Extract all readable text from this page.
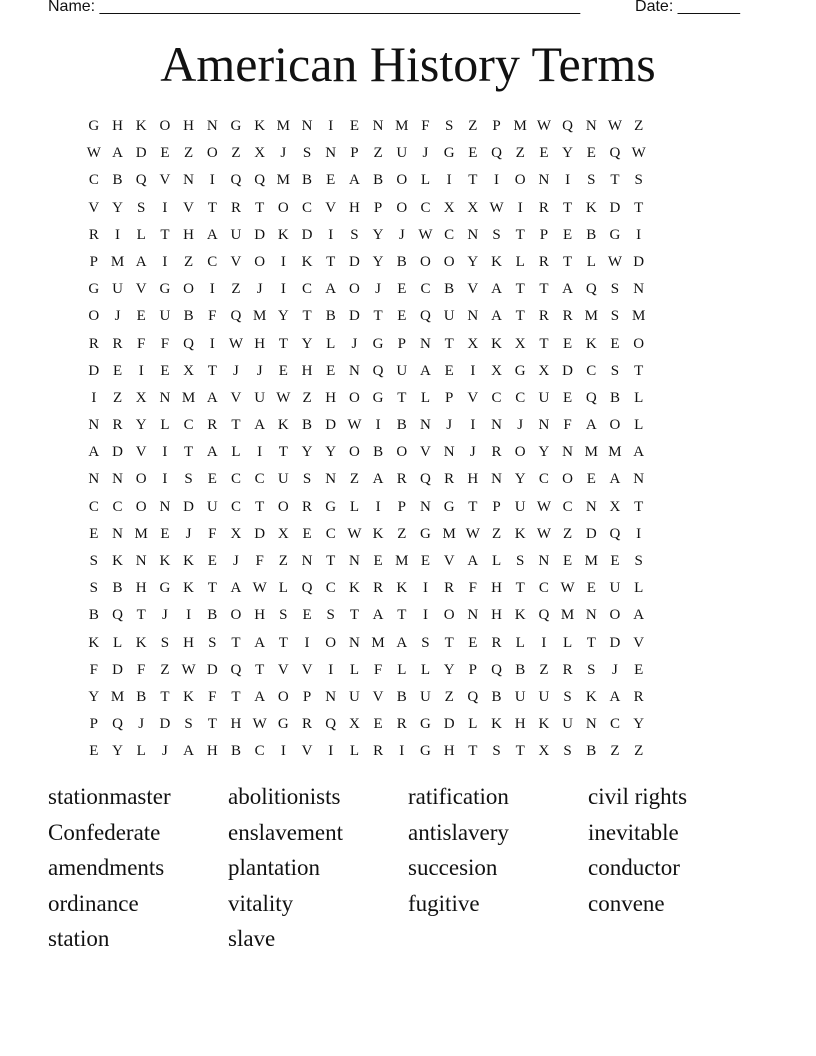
Name: ______________________________________________________	Date: _______
American History Terms
G H K O H N G K M N	I	E N M F	S Z P M W Q N W Z
W A D E Z O Z X	J	S N P Z U	J	G E Q Z E Y E Q W
C B Q V N	I	Q Q M B E A B O L	I	T	I	O N	I	S T S
V Y S	I	V T R T O C V H P O C X X W I	R T K D T
R	I	L T H A U D K D	I	S Y	J W C N S T P E B G	I
P M A	I	Z C V O	I	K T D Y B O O Y K L R T L W D
G U V G O	I	Z	J	I	C A O	J	E C B V A T T A Q S N
O	J	E U B F Q M Y T B D T E Q U N A T R R M S M
R R F	F Q	I W H T Y L	J	G P N T X K X T E K E O
D E	I	E X T	J	J	E H E N Q U A E	I	X G X D C S T
I	Z X N M A V U W Z H O G T L P V C C U E Q B L
N R Y L C R T A K B D W I	B N	J	I	N	J	N F A O L
A D V	I	T A L	I	T Y Y O B O V N	J	R O Y N M M A
N N O	I	S E C C U S N Z A R Q R H N Y C O E A N
C C O N D U C T O R G L	I	P N G T P U W C N X T
E N M E	J	F X D X E C W K Z G M W Z K W Z D Q	I
S K N K K E	J	F Z N T N E M E V A L S N E M E S
S B H G K T A W L Q C K R K	I	R F H T C W E U L
B Q T	J	I	B O H S E S T A T	I	O N H K Q M N O A
K L K S H S T A T	I	O N M A S T E R L	I	L T D V
F D F Z W D Q T V V	I	L F L L Y P Q B Z R S	J	E
Y M B T K F T A O P N U V B U Z Q B U U S K A R
P Q	J	D S T H W G R Q X E R G D L K H K U N C Y
E Y L	J	A H B C	I	V	I	L R	I	G H T S T X S B Z Z
stationmaster	abolitionists	ratification	civil rights
Confederate	enslavement	antislavery	inevitable
amendments	plantation	succesion	conductor
ordinance	vitality	fugitive	convene
station	slave
